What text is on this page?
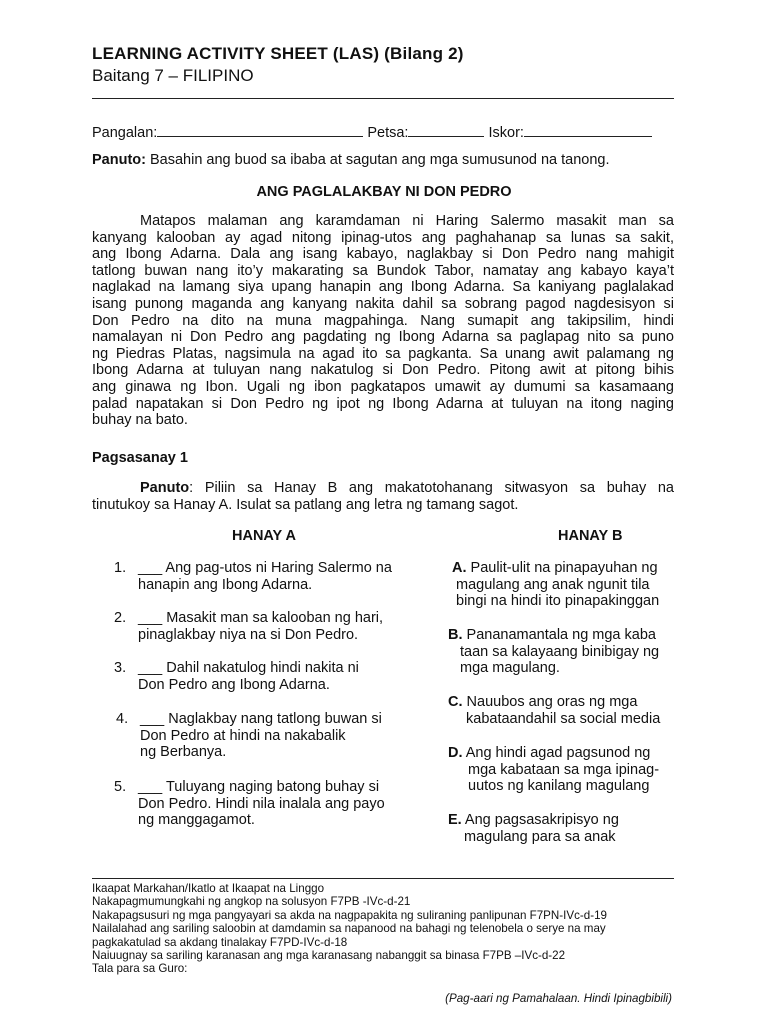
LEARNING ACTIVITY SHEET (LAS) (Bilang 2)
Baitang 7 – FILIPINO
Pangalan:	Petsa:	Iskor:
Panuto: Basahin ang buod sa ibaba at sagutan ang mga sumusunod na tanong.
ANG PAGLALAKBAY NI DON PEDRO
Matapos malaman ang karamdaman ni Haring Salermo masakit man sa
kanyang kalooban ay agad nitong ipinag-utos ang paghahanap sa lunas sa sakit,
ang Ibong Adarna. Dala ang isang kabayo, naglakbay si Don Pedro nang mahigit
tatlong buwan nang ito’y makarating sa Bundok Tabor, namatay ang kabayo kaya’t
naglakad na lamang siya upang hanapin ang Ibong Adarna. Sa kaniyang paglalakad
isang punong maganda ang kanyang nakita dahil sa sobrang pagod nagdesisyon si
Don Pedro na dito na muna magpahinga. Nang sumapit ang takipsilim, hindi
namalayan ni Don Pedro ang pagdating ng Ibong Adarna sa paglapag nito sa puno
ng Piedras Platas, nagsimula na agad ito sa pagkanta. Sa unang awit palamang ng
Ibong Adarna at tuluyan nang nakatulog si Don Pedro. Pitong awit at pitong bihis
ang ginawa ng Ibon. Ugali ng ibon pagkatapos umawit ay dumumi sa kasamaang
palad napatakan si Don Pedro ng ipot ng Ibong Adarna at tuluyan na itong naging
buhay na bato.
Pagsasanay 1
Panuto: Piliin sa Hanay B ang makatotohanang sitwasyon sa buhay na
tinutukoy sa Hanay A. Isulat sa patlang ang letra ng tamang sagot.
HANAY A	HANAY B
1. ___ Ang pag-utos ni Haring Salermo na
hanapin ang Ibong Adarna.
2. ___ Masakit man sa kalooban ng hari,
pinaglakbay niya na si Don Pedro.
3. ___ Dahil nakatulog hindi nakita ni
Don Pedro ang Ibong Adarna.
4. ___ Naglakbay nang tatlong buwan si
Don Pedro at hindi na nakabalik
ng Berbanya.
5. ___ Tuluyang naging batong buhay si
Don Pedro. Hindi nila inalala ang payo
ng manggagamot.
A. Paulit-ulit na pinapayuhan ng
magulang ang anak ngunit tila
bingi na hindi ito pinapakinggan
B. Pananamantala ng mga kaba
taan sa kalayaang binibigay ng
mga magulang.
C. Nauubos ang oras ng mga
kabataandahil sa social media
D. Ang hindi agad pagsunod ng
mga kabataan sa mga ipinag-
uutos ng kanilang magulang
E. Ang pagsasakripisyo ng
magulang para sa anak
Ikaapat Markahan/Ikatlo at Ikaapat na Linggo
Nakapagmumungkahi ng angkop na solusyon F7PB -IVc-d-21
Nakapagsusuri ng mga pangyayari sa akda na nagpapakita ng suliraning panlipunan F7PN-IVc-d-19
Nailalahad ang sariling saloobin at damdamin sa napanood na bahagi ng telenobela o serye na may
pagkakatulad sa akdang tinalakay F7PD-IVc-d-18
Naiuugnay sa sariling karanasan ang mga karanasang nabanggit sa binasa F7PB –IVc-d-22
Tala para sa Guro:
(Pag-aari ng Pamahalaan. Hindi Ipinagbibili)
